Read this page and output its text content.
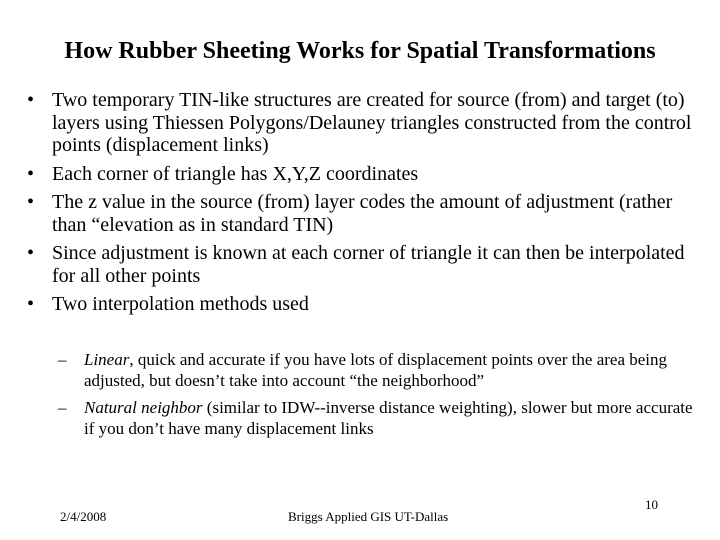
How Rubber Sheeting Works for Spatial Transformations
• Two temporary TIN-like structures are created for source (from) and target (to) layers using Thiessen Polygons/Delauney triangles constructed from the control points (displacement links)
• Each corner of triangle has X,Y,Z coordinates
• The z value in the source (from) layer codes the amount of adjustment (rather than “elevation as in standard TIN)
• Since adjustment is known at each corner of triangle it can then be interpolated for all other points
• Two interpolation methods used
– Linear, quick and accurate if you have lots of displacement points over the area being adjusted, but doesn’t take into account “the neighborhood”
– Natural neighbor (similar to IDW--inverse distance weighting), slower but more accurate if you don’t have many displacement links
2/4/2008	Briggs Applied GIS UT-Dallas
10
